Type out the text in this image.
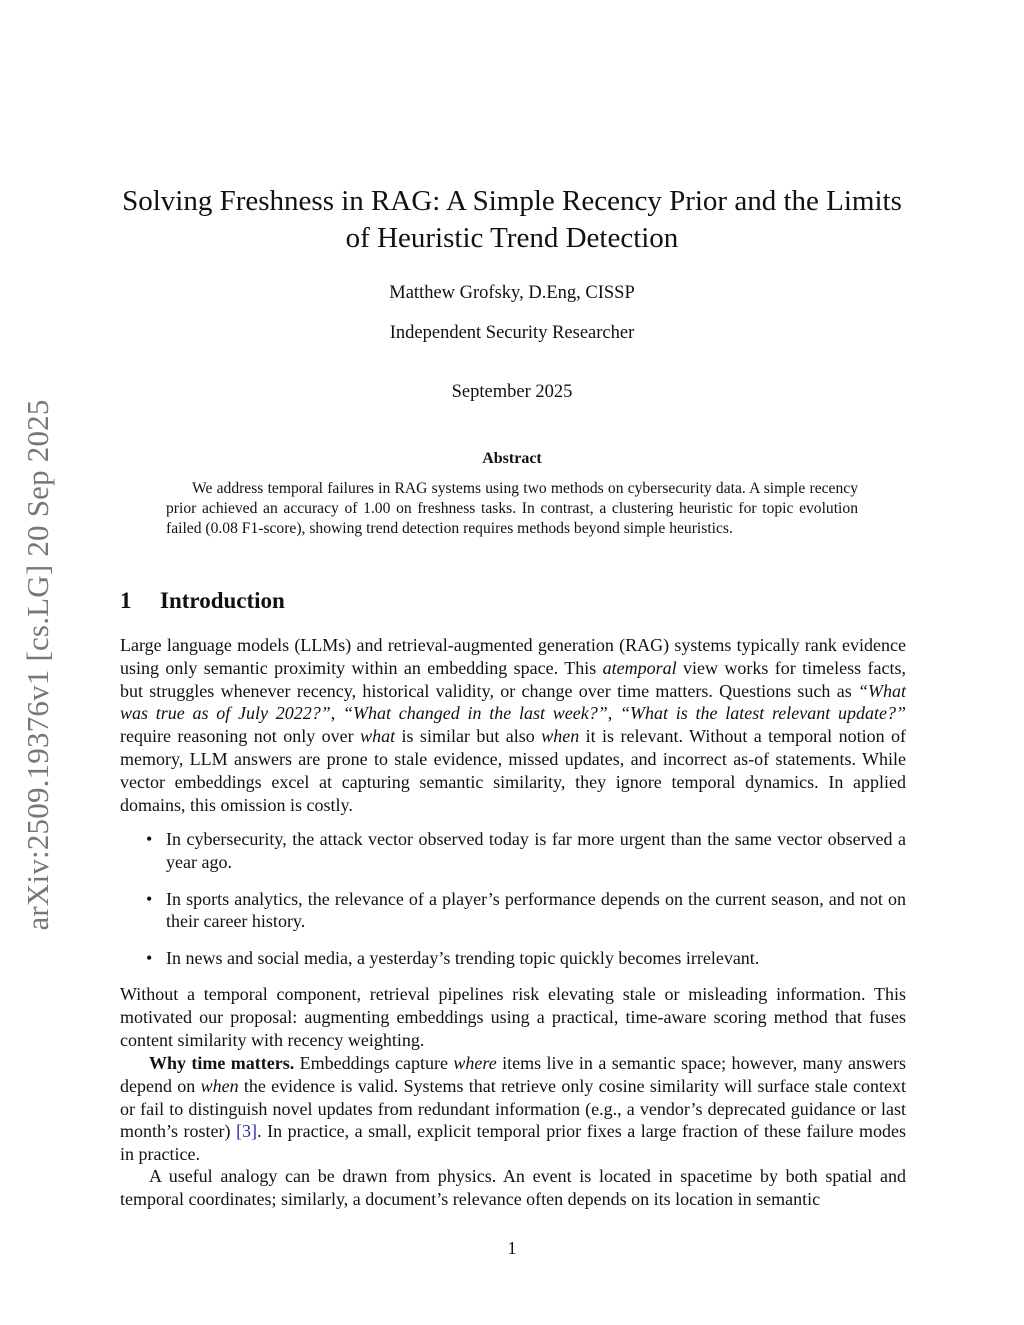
arXiv:2509.19376v1 [cs.LG] 20 Sep 2025
Solving Freshness in RAG: A Simple Recency Prior and the Limits
of Heuristic Trend Detection
Matthew Grofsky, D.Eng, CISSP
Independent Security Researcher
September 2025
Abstract

We address temporal failures in RAG systems using two methods on cybersecurity data. A simple recency prior achieved an accuracy of 1.00 on freshness tasks. In contrast, a clustering heuristic for topic evolution failed (0.08 F1-score), showing trend detection requires methods beyond simple heuristics.

1 Introduction

Large language models (LLMs) and retrieval-augmented generation (RAG) systems typically rank evidence using only semantic proximity within an embedding space. This atemporal view works for timeless facts, but struggles whenever recency, historical validity, or change over time matters. Questions such as “What was true as of July 2022?”, “What changed in the last week?”, “What is the latest relevant update?” require reasoning not only over what is similar but also when it is relevant. Without a temporal notion of memory, LLM answers are prone to stale evidence, missed updates, and incorrect as-of statements. While vector embeddings excel at capturing semantic similarity, they ignore temporal dynamics. In applied domains, this omission is costly.

• In cybersecurity, the attack vector observed today is far more urgent than the same vector observed a year ago.
• In sports analytics, the relevance of a player’s performance depends on the current season, and not on their career history.
• In news and social media, a yesterday’s trending topic quickly becomes irrelevant.

Without a temporal component, retrieval pipelines risk elevating stale or misleading information. This motivated our proposal: augmenting embeddings using a practical, time-aware scoring method that fuses content similarity with recency weighting.

Why time matters. Embeddings capture where items live in a semantic space; however, many answers depend on when the evidence is valid. Systems that retrieve only cosine similarity will surface stale context or fail to distinguish novel updates from redundant information (e.g., a vendor’s deprecated guidance or last month’s roster) [3]. In practice, a small, explicit temporal prior fixes a large fraction of these failure modes in practice.

A useful analogy can be drawn from physics. An event is located in spacetime by both spatial and temporal coordinates; similarly, a document’s relevance often depends on its location in semantic

1
